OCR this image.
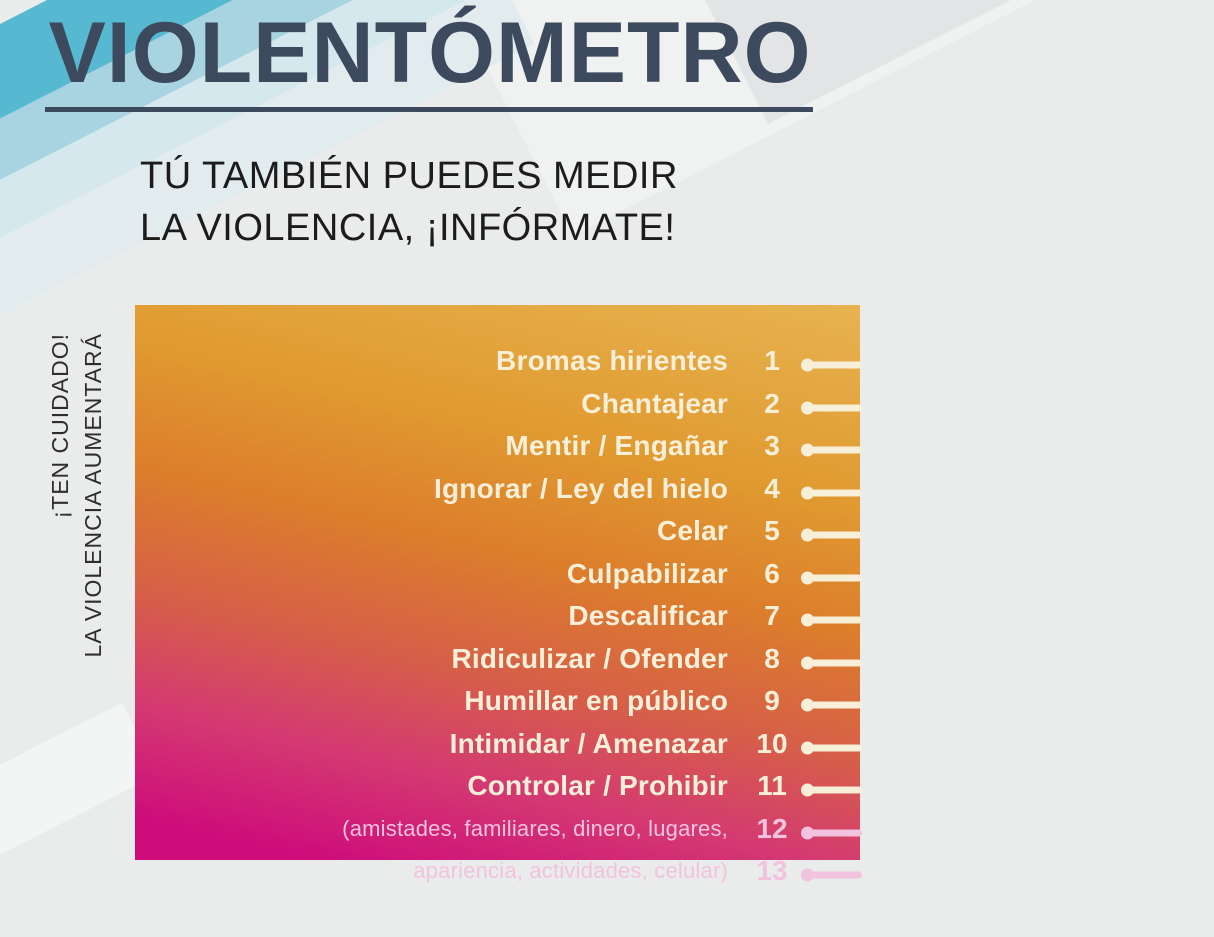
VIOLENTÓMETRO
TÚ TAMBIÉN PUEDES MEDIR
LA VIOLENCIA, ¡INFÓRMATE!
¡TEN CUIDADO! LA VIOLENCIA AUMENTARÁ	Bromas hirientes	1
Chantajear	2
Mentir / Engañar	3
Ignorar / Ley del hielo	4
Celar	5
Culpabilizar	6
Descalificar	7
Ridiculizar / Ofender	8
Humillar en público	9
Intimidar / Amenazar	10
Controlar / Prohibir	11
(amistades, familiares, dinero, lugares,	12
apariencia, actividades, celular)	13
